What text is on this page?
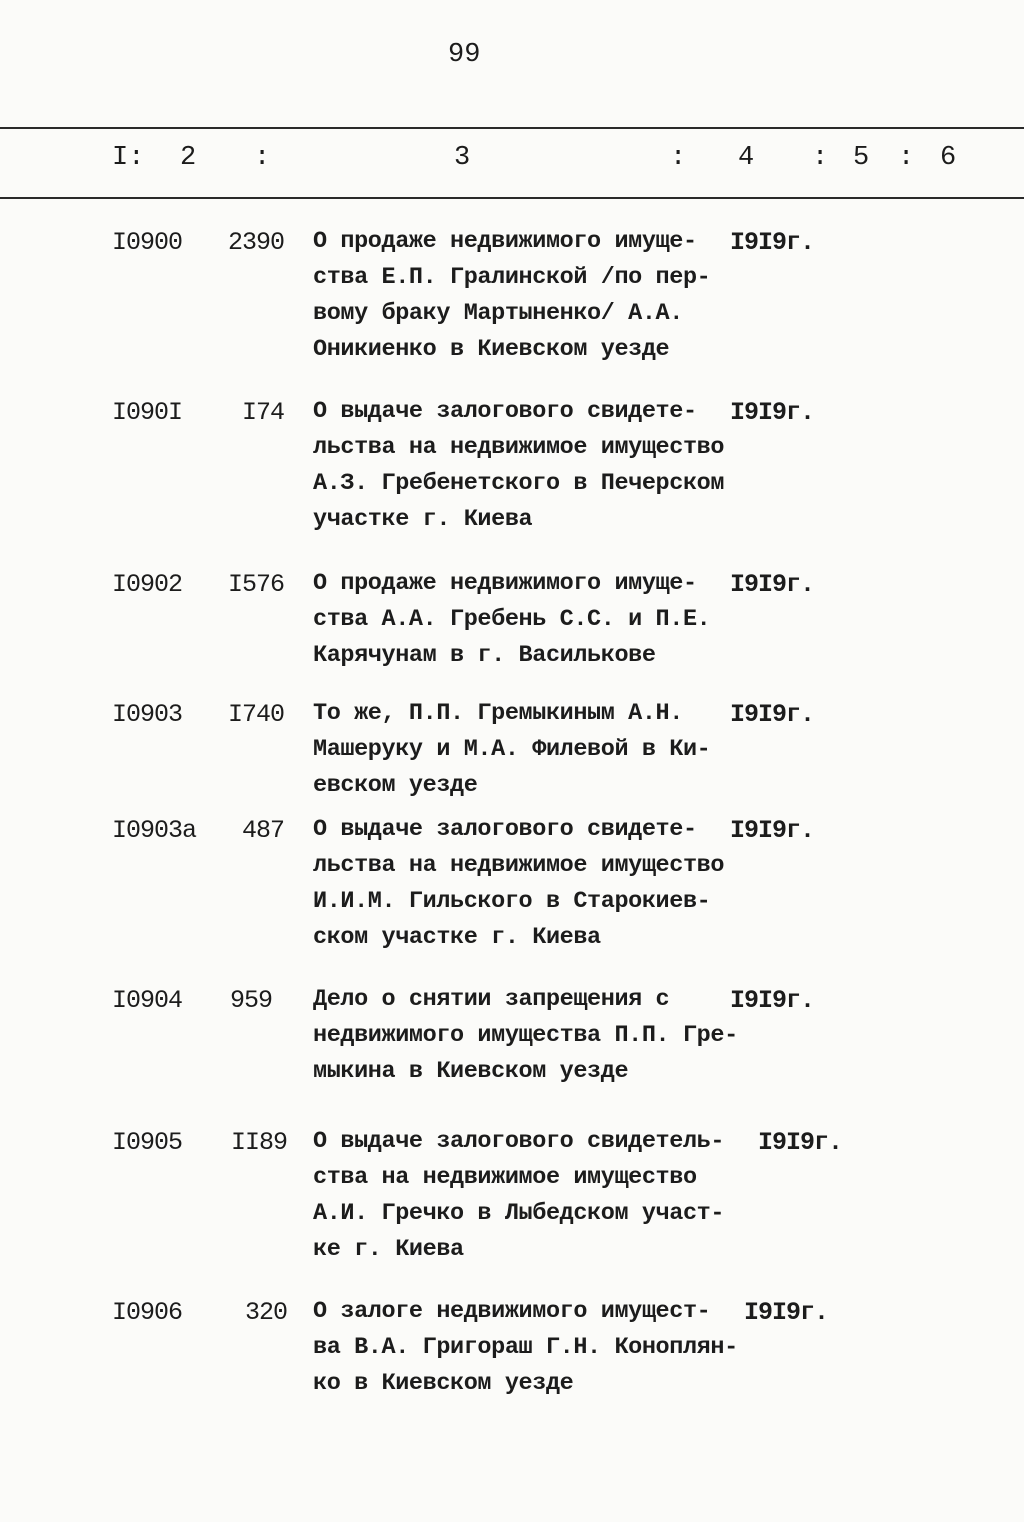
99
I: 2 :	3	: 4 : 5 : 6
I0900	2390 О продаже недвижимого имуще-
ства Е.П. Гралинской /по пер-
вому браку Мартыненко/ А.А.
Оникиенко в Киевском уезде
I9I9г.
I090I	I74 О выдаче залогового свидете-
льства на недвижимое имущество
А.З. Гребенетского в Печерском
участке г. Киева
I9I9г.
I0902	I576 О продаже недвижимого имуще-
ства А.А. Гребень С.С. и П.Е.
Карячунам в г. Василькове
I9I9г.
I0903	I740 То же, П.П. Гремыкиным А.Н.
Машеруку и М.А. Филевой в Ки-
евском уезде
I9I9г.
I0903а	487 О выдаче залогового свидете-
льства на недвижимое имущество
И.И.М. Гильского в Старокиев-
ском участке г. Киева
I9I9г.
I0904	959 Дело о снятии запрещения с
недвижимого имущества П.П. Гре-
мыкина в Киевском уезде
I9I9г.
I0905	II89 О выдаче залогового свидетель-
ства на недвижимое имущество
А.И. Гречко в Лыбедском участ-
ке г. Киева
I9I9г.
I0906	320 О залоге недвижимого имущест-
ва В.А. Григораш Г.Н. Коноплян-
ко в Киевском уезде
I9I9г.
